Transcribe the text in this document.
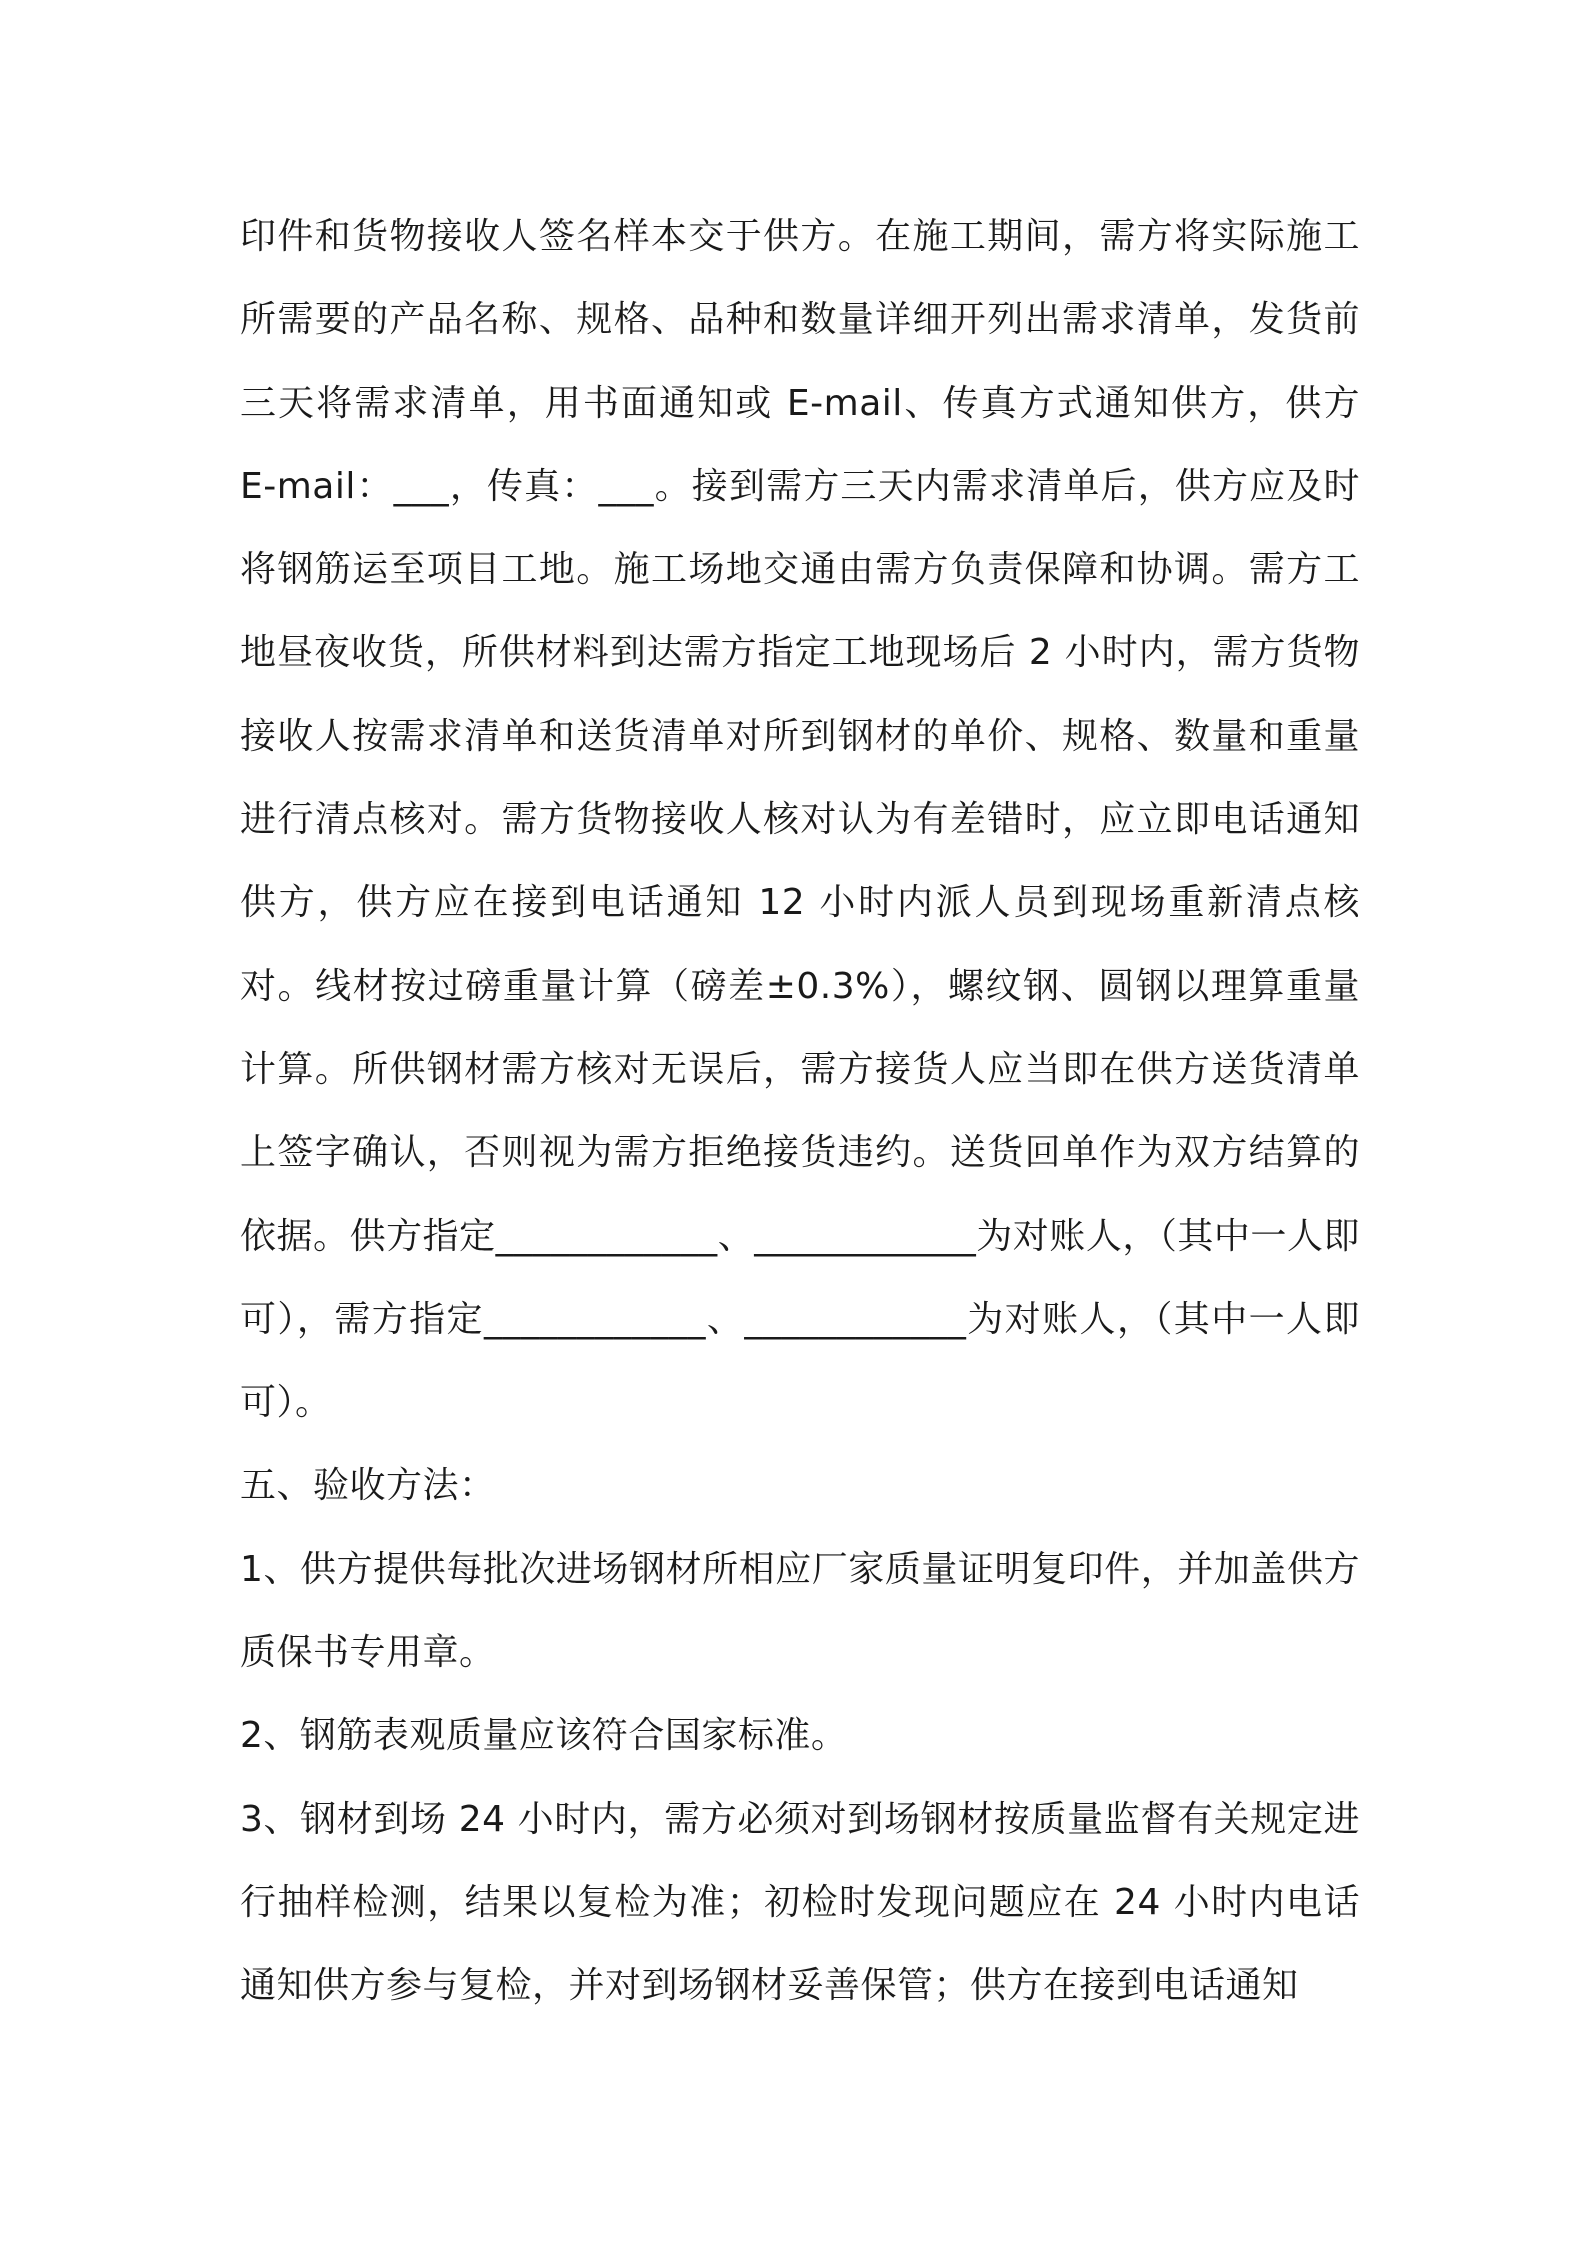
印件和货物接收人签名样本交于供方。在施工期间，需方将实际施工所需要的产品名称、规格、品种和数量详细开列出需求清单，发货前三天将需求清单，用书面通知或 E-mail、传真方式通知供方，供方 E-mail：___，传真：___。接到需方三天内需求清单后，供方应及时将钢筋运至项目工地。施工场地交通由需方负责保障和协调。需方工地昼夜收货，所供材料到达需方指定工地现场后 2 小时内，需方货物接收人按需求清单和送货清单对所到钢材的单价、规格、数量和重量进行清点核对。需方货物接收人核对认为有差错时，应立即电话通知供方，供方应在接到电话通知 12 小时内派人员到现场重新清点核对。线材按过磅重量计算（磅差±0.3%），螺纹钢、圆钢以理算重量计算。所供钢材需方核对无误后，需方接货人应当即在供方送货清单上签字确认，否则视为需方拒绝接货违约。送货回单作为双方结算的依据。供方指定____________、____________为对账人，（其中一人即可），需方指定____________、____________为对账人，（其中一人即可）。

五、验收方法：

1、供方提供每批次进场钢材所相应厂家质量证明复印件，并加盖供方质保书专用章。

2、钢筋表观质量应该符合国家标准。

3、钢材到场 24 小时内，需方必须对到场钢材按质量监督有关规定进行抽样检测，结果以复检为准；初检时发现问题应在 24 小时内电话通知供方参与复检，并对到场钢材妥善保管；供方在接到电话通知
